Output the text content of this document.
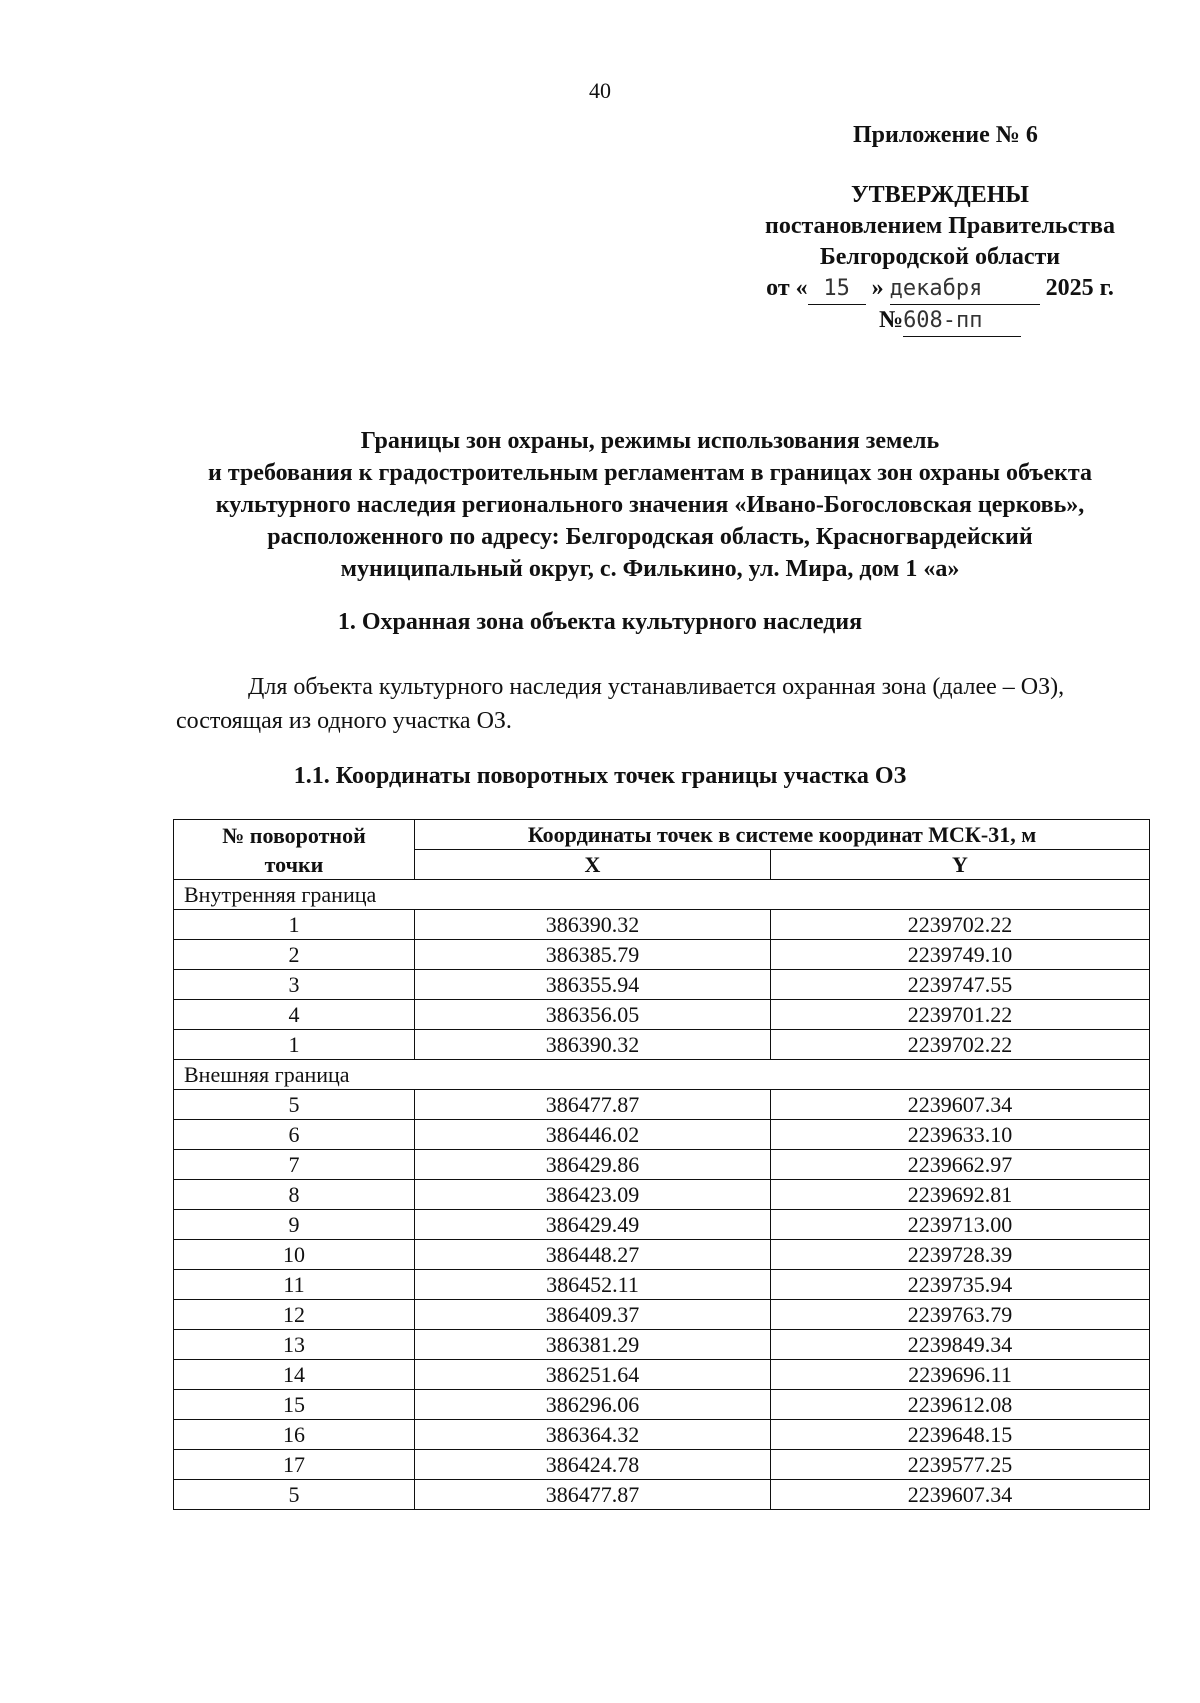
40
Приложение № 6
УТВЕРЖДЕНЫ
постановлением Правительства
Белгородской области
от « 15 » декабря	2025 г.
№608-пп
Границы зон охраны, режимы использования земель
и требования к градостроительным регламентам в границах зон охраны объекта
культурного наследия регионального значения «Ивано-Богословская церковь»,
расположенного по адресу: Белгородская область, Красногвардейский
муниципальный округ, с. Филькино, ул. Мира, дом 1 «а»
1. Охранная зона объекта культурного наследия
Для объекта культурного наследия устанавливается охранная зона (далее – ОЗ), состоящая из одного участка ОЗ.
1.1. Координаты поворотных точек границы участка ОЗ
№ поворотной
точки	Координаты точек в системе координат МСК-31, м	
	X	Y
Внутренняя граница		
1	386390.32	2239702.22
2	386385.79	2239749.10
3	386355.94	2239747.55
4	386356.05	2239701.22
1	386390.32	2239702.22
Внешняя граница		
5	386477.87	2239607.34
6	386446.02	2239633.10
7	386429.86	2239662.97
8	386423.09	2239692.81
9	386429.49	2239713.00
10	386448.27	2239728.39
11	386452.11	2239735.94
12	386409.37	2239763.79
13	386381.29	2239849.34
14	386251.64	2239696.11
15	386296.06	2239612.08
16	386364.32	2239648.15
17	386424.78	2239577.25
5	386477.87	2239607.34
